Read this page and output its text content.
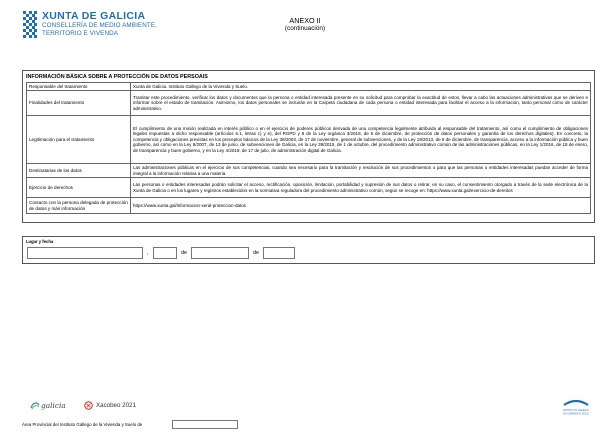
XUNTA DE GALICIA
CONSELLERÍA DE MEDIO AMBIENTE,
TERRITORIO E VIVENDA
ANEXO II
(continuación)
INFORMACIÓN BÁSICA SOBRE A PROTECCIÓN DE DATOS PERSOAIS
Responsable del tratamiento	Xunta de Galicia. Instituto Gallego de la Vivienda y Suelo.
Finalidades del tratamiento	Tramitar este procedimiento, verificar los datos y documentos que la persona o entidad interesada presente en su solicitud para comprobar la exactitud de estos, llevar a cabo las actuaciones administrativas que se deriven e informar sobre el estado de tramitación. Asimismo, los datos personales se incluirán en la Carpeta ciudadana de cada persona o entidad interesada para facilitar el acceso a la información, tanto personal como de carácter administrativo.
Legitimación para el tratamiento	El cumplimiento de una misión realizada en interés público o en el ejercicio de poderes públicos derivada de una competencia legalmente atribuida al responsable del tratamiento, así como el cumplimiento de obligaciones legales impuestas a dicho responsable (artículos 6.1, letras c) y e), del RGPD y 8 de la Ley orgánica 3/2018, de 5 de diciembre, de protección de datos personales y garantía de los derechos digitales). En concreto, la competencia y obligaciones previstas en los preceptos básicos de la Ley 38/2003, de 17 de noviembre, general de subvenciones, y de la Ley 19/2013, de 9 de diciembre, de transparencia, acceso a la información pública y buen gobierno, así como en la Ley 9/2007, de 13 de junio, de subvenciones de Galicia, en la Ley 39/2015, de 1 de octubre, del procedimiento administrativo común de las administraciones públicas, en la Ley 1/2016, de 18 de enero, de transparencia y buen gobierno, y en la Ley 4/2019, de 17 de julio, de administración digital de Galicia.
Destinatarias de los datos	Las administraciones públicas en el ejercicio de sus competencias, cuando sea necesario para la tramitación y resolución de sus procedimientos o para que las personas o entidades interesadas puedan acceder de forma integral a la información relativa a una materia.
Ejercicio de derechos	Las personas o entidades interesadas podrán solicitar el acceso, rectificación, oposición, limitación, portabilidad y supresión de sus datos o retirar, en su caso, el consentimiento otorgado a través de la sede electrónica de la Xunta de Galicia o en los lugares y registros establecidos en la normativa reguladora del procedimiento administrativo común, según se recoge en: https://www.xunta.gal/exercicio-de-dereitos
Contacto con la persona delegada de protección de datos y más información	https://www.xunta.gal/informacion-xeral-proteccion-datos
Lugar y fecha
,	de	de
galicia	Xacobeo 2021
INSTITUTO GALEGO
DA VIVENDA E SOLO
Área Provincial del Instituto Gallego de la Vivienda y Suelo de
